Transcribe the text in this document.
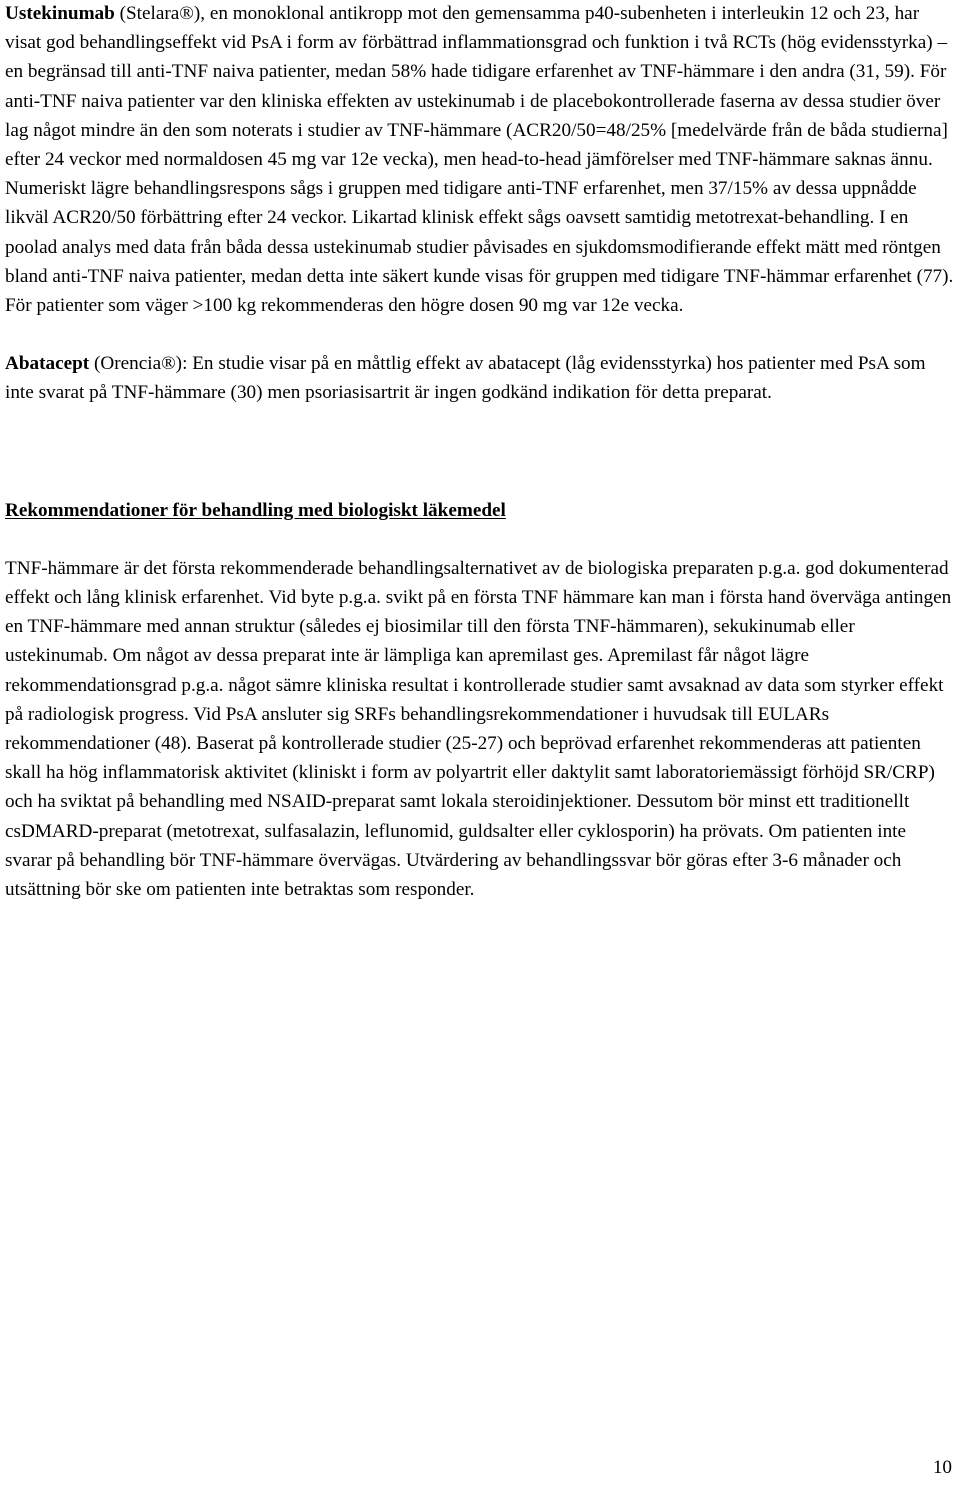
Ustekinumab (Stelara®), en monoklonal antikropp mot den gemensamma p40-subenheten i interleukin 12 och 23, har visat god behandlingseffekt vid PsA i form av förbättrad inflammationsgrad och funktion i två RCTs (hög evidensstyrka) – en begränsad till anti-TNF naiva patienter, medan 58% hade tidigare erfarenhet av TNF-hämmare i den andra (31, 59). För anti-TNF naiva patienter var den kliniska effekten av ustekinumab i de placebokontrollerade faserna av dessa studier över lag något mindre än den som noterats i studier av TNF-hämmare (ACR20/50=48/25% [medelvärde från de båda studierna] efter 24 veckor med normaldosen 45 mg var 12e vecka), men head-to-head jämförelser med TNF-hämmare saknas ännu. Numeriskt lägre behandlingsrespons sågs i gruppen med tidigare anti-TNF erfarenhet, men 37/15% av dessa uppnådde likväl ACR20/50 förbättring efter 24 veckor. Likartad klinisk effekt sågs oavsett samtidig metotrexat-behandling. I en poolad analys med data från båda dessa ustekinumab studier påvisades en sjukdomsmodifierande effekt mätt med röntgen bland anti-TNF naiva patienter, medan detta inte säkert kunde visas för gruppen med tidigare TNF-hämmar erfarenhet (77). För patienter som väger >100 kg rekommenderas den högre dosen 90 mg var 12e vecka.

Abatacept (Orencia®): En studie visar på en måttlig effekt av abatacept (låg evidensstyrka) hos patienter med PsA som inte svarat på TNF-hämmare (30) men psoriasisartrit är ingen godkänd indikation för detta preparat.

Rekommendationer för behandling med biologiskt läkemedel

TNF-hämmare är det första rekommenderade behandlingsalternativet av de biologiska preparaten p.g.a. god dokumenterad effekt och lång klinisk erfarenhet. Vid byte p.g.a. svikt på en första TNF hämmare kan man i första hand överväga antingen en TNF-hämmare med annan struktur (således ej biosimilar till den första TNF-hämmaren), sekukinumab eller ustekinumab. Om något av dessa preparat inte är lämpliga kan apremilast ges. Apremilast får något lägre rekommendationsgrad p.g.a. något sämre kliniska resultat i kontrollerade studier samt avsaknad av data som styrker effekt på radiologisk progress. Vid PsA ansluter sig SRFs behandlingsrekommendationer i huvudsak till EULARs rekommendationer (48). Baserat på kontrollerade studier (25-27) och beprövad erfarenhet rekommenderas att patienten skall ha hög inflammatorisk aktivitet (kliniskt i form av polyartrit eller daktylit samt laboratoriemässigt förhöjd SR/CRP) och ha sviktat på behandling med NSAID-preparat samt lokala steroidinjektioner. Dessutom bör minst ett traditionellt csDMARD-preparat (metotrexat, sulfasalazin, leflunomid, guldsalter eller cyklosporin) ha prövats. Om patienten inte svarar på behandling bör TNF-hämmare övervägas. Utvärdering av behandlingssvar bör göras efter 3-6 månader och utsättning bör ske om patienten inte betraktas som responder.

10
